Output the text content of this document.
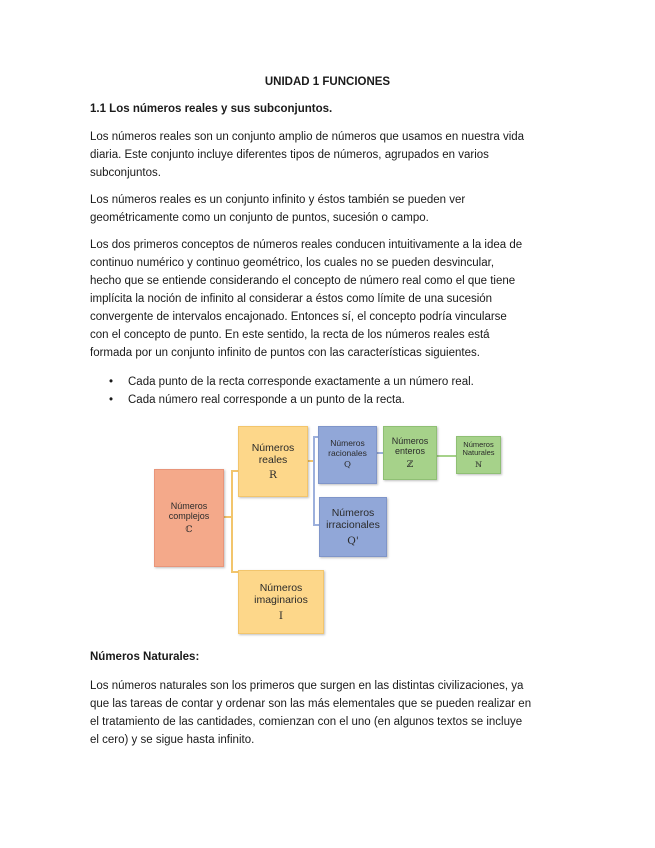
UNIDAD 1 FUNCIONES
1.1 Los números reales y sus subconjuntos.

Los números reales son un conjunto amplio de números que usamos en nuestra vida
diaria. Este conjunto incluye diferentes tipos de números, agrupados en varios
subconjuntos.

Los números reales es un conjunto infinito y éstos también se pueden ver
geométricamente como un conjunto de puntos, sucesión o campo.

Los dos primeros conceptos de números reales conducen intuitivamente a la idea de
continuo numérico y continuo geométrico, los cuales no se pueden desvincular,
hecho que se entiende considerando el concepto de número real como el que tiene
implícita la noción de infinito al considerar a éstos como límite de una sucesión
convergente de intervalos encajonado. Entonces sí, el concepto podría vincularse
con el concepto de punto. En este sentido, la recta de los números reales está
formada por un conjunto infinito de puntos con las características siguientes.

• Cada punto de la recta corresponde exactamente a un número real.
• Cada número real corresponde a un punto de la recta.
Números Naturales:

Los números naturales son los primeros que surgen en las distintas civilizaciones, ya
que las tareas de contar y ordenar son las más elementales que se pueden realizar en
el tratamiento de las cantidades, comienzan con el uno (en algunos textos se incluye
el cero) y se sigue hasta infinito.

Números complejos
ℂ
Números reales
R
Números imaginarios
I
Números racionales
Q
Números irracionales
Q'
Números enteros
ℤ
Números Naturales
ℕ
